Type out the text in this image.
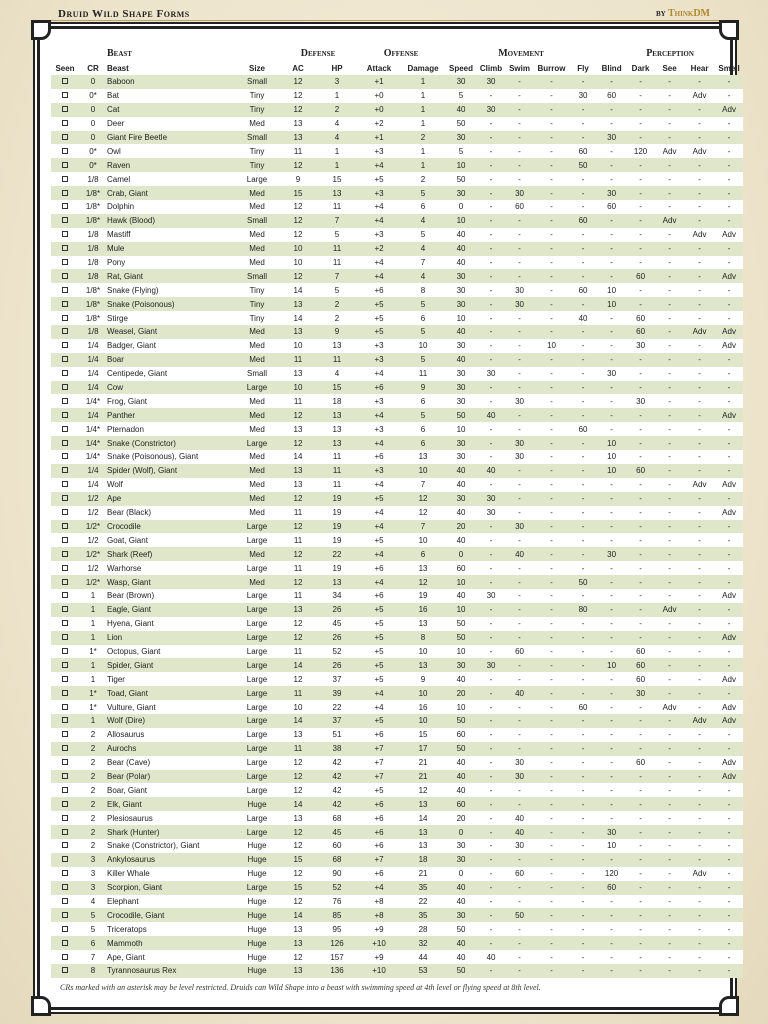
Druid Wild Shape Forms	by ThinkDM
		Beast		Defense		Offense		Movement					Perception				
Seen	CR	Beast	Size	AC	HP	Attack	Damage	Speed	Climb	Swim	Burrow	Fly	Blind	Dark	See	Hear	Smell
	0	Baboon	Small	12	3	+1	1	30	30	-	-	-	-	-	-	-	-
	0*	Bat	Tiny	12	1	+0	1	5	-	-	-	30	60	-	-	Adv	-
	0	Cat	Tiny	12	2	+0	1	40	30	-	-	-	-	-	-	-	Adv
	0	Deer	Med	13	4	+2	1	50	-	-	-	-	-	-	-	-	-
	0	Giant Fire Beetle	Small	13	4	+1	2	30	-	-	-	-	30	-	-	-	-
	0*	Owl	Tiny	11	1	+3	1	5	-	-	-	60	-	120	Adv	Adv	-
	0*	Raven	Tiny	12	1	+4	1	10	-	-	-	50	-	-	-	-	-
	1/8	Camel	Large	9	15	+5	2	50	-	-	-	-	-	-	-	-	-
	1/8*	Crab, Giant	Med	15	13	+3	5	30	-	30	-	-	30	-	-	-	-
	1/8*	Dolphin	Med	12	11	+4	6	0	-	60	-	-	60	-	-	-	-
	1/8*	Hawk (Blood)	Small	12	7	+4	4	10	-	-	-	60	-	-	Adv	-	-
	1/8	Mastiff	Med	12	5	+3	5	40	-	-	-	-	-	-	-	Adv	Adv
	1/8	Mule	Med	10	11	+2	4	40	-	-	-	-	-	-	-	-	-
	1/8	Pony	Med	10	11	+4	7	40	-	-	-	-	-	-	-	-	-
	1/8	Rat, Giant	Small	12	7	+4	4	30	-	-	-	-	-	60	-	-	Adv
	1/8*	Snake (Flying)	Tiny	14	5	+6	8	30	-	30	-	60	10	-	-	-	-
	1/8*	Snake (Poisonous)	Tiny	13	2	+5	5	30	-	30	-	-	10	-	-	-	-
	1/8*	Stirge	Tiny	14	2	+5	6	10	-	-	-	40	-	60	-	-	-
	1/8	Weasel, Giant	Med	13	9	+5	5	40	-	-	-	-	-	60	-	Adv	Adv
	1/4	Badger, Giant	Med	10	13	+3	10	30	-	-	10	-	-	30	-	-	Adv
	1/4	Boar	Med	11	11	+3	5	40	-	-	-	-	-	-	-	-	-
	1/4	Centipede, Giant	Small	13	4	+4	11	30	30	-	-	-	30	-	-	-	-
	1/4	Cow	Large	10	15	+6	9	30	-	-	-	-	-	-	-	-	-
	1/4*	Frog, Giant	Med	11	18	+3	6	30	-	30	-	-	-	30	-	-	-
	1/4	Panther	Med	12	13	+4	5	50	40	-	-	-	-	-	-	-	Adv
	1/4*	Pternadon	Med	13	13	+3	6	10	-	-	-	60	-	-	-	-	-
	1/4*	Snake (Constrictor)	Large	12	13	+4	6	30	-	30	-	-	10	-	-	-	-
	1/4*	Snake (Poisonous), Giant	Med	14	11	+6	13	30	-	30	-	-	10	-	-	-	-
	1/4	Spider (Wolf), Giant	Med	13	11	+3	10	40	40	-	-	-	10	60	-	-	-
	1/4	Wolf	Med	13	11	+4	7	40	-	-	-	-	-	-	-	Adv	Adv
	1/2	Ape	Med	12	19	+5	12	30	30	-	-	-	-	-	-	-	-
	1/2	Bear (Black)	Med	11	19	+4	12	40	30	-	-	-	-	-	-	-	Adv
	1/2*	Crocodile	Large	12	19	+4	7	20	-	30	-	-	-	-	-	-	-
	1/2	Goat, Giant	Large	11	19	+5	10	40	-	-	-	-	-	-	-	-	-
	1/2*	Shark (Reef)	Med	12	22	+4	6	0	-	40	-	-	30	-	-	-	-
	1/2	Warhorse	Large	11	19	+6	13	60	-	-	-	-	-	-	-	-	-
	1/2*	Wasp, Giant	Med	12	13	+4	12	10	-	-	-	50	-	-	-	-	-
	1	Bear (Brown)	Large	11	34	+6	19	40	30	-	-	-	-	-	-	-	Adv
	1	Eagle, Giant	Large	13	26	+5	16	10	-	-	-	80	-	-	Adv	-	-
	1	Hyena, Giant	Large	12	45	+5	13	50	-	-	-	-	-	-	-	-	-
	1	Lion	Large	12	26	+5	8	50	-	-	-	-	-	-	-	-	Adv
	1*	Octopus, Giant	Large	11	52	+5	10	10	-	60	-	-	-	60	-	-	-
	1	Spider, Giant	Large	14	26	+5	13	30	30	-	-	-	10	60	-	-	-
	1	Tiger	Large	12	37	+5	9	40	-	-	-	-	-	60	-	-	Adv
	1*	Toad, Giant	Large	11	39	+4	10	20	-	40	-	-	-	30	-	-	-
	1*	Vulture, Giant	Large	10	22	+4	16	10	-	-	-	60	-	-	Adv	-	Adv
	1	Wolf (Dire)	Large	14	37	+5	10	50	-	-	-	-	-	-	-	Adv	Adv
	2	Allosaurus	Large	13	51	+6	15	60	-	-	-	-	-	-	-	-	-
	2	Aurochs	Large	11	38	+7	17	50	-	-	-	-	-	-	-	-	-
	2	Bear (Cave)	Large	12	42	+7	21	40	-	30	-	-	-	60	-	-	Adv
	2	Bear (Polar)	Large	12	42	+7	21	40	-	30	-	-	-	-	-	-	Adv
	2	Boar, Giant	Large	12	42	+5	12	40	-	-	-	-	-	-	-	-	-
	2	Elk, Giant	Huge	14	42	+6	13	60	-	-	-	-	-	-	-	-	-
	2	Plesiosaurus	Large	13	68	+6	14	20	-	40	-	-	-	-	-	-	-
	2	Shark (Hunter)	Large	12	45	+6	13	0	-	40	-	-	30	-	-	-	-
	2	Snake (Constrictor), Giant	Huge	12	60	+6	13	30	-	30	-	-	10	-	-	-	-
	3	Ankylosaurus	Huge	15	68	+7	18	30	-	-	-	-	-	-	-	-	-
	3	Killer Whale	Huge	12	90	+6	21	0	-	60	-	-	120	-	-	Adv	-
	3	Scorpion, Giant	Large	15	52	+4	35	40	-	-	-	-	60	-	-	-	-
	4	Elephant	Huge	12	76	+8	22	40	-	-	-	-	-	-	-	-	-
	5	Crocodile, Giant	Huge	14	85	+8	35	30	-	50	-	-	-	-	-	-	-
	5	Triceratops	Huge	13	95	+9	28	50	-	-	-	-	-	-	-	-	-
	6	Mammoth	Huge	13	126	+10	32	40	-	-	-	-	-	-	-	-	-
	7	Ape, Giant	Huge	12	157	+9	44	40	40	-	-	-	-	-	-	-	-
	8	Tyrannosaurus Rex	Huge	13	136	+10	53	50	-	-	-	-	-	-	-	-	-
CRs marked with an asterisk may be level restricted. Druids can Wild Shape into a beast with swimming speed at 4th level or flying speed at 8th level.
